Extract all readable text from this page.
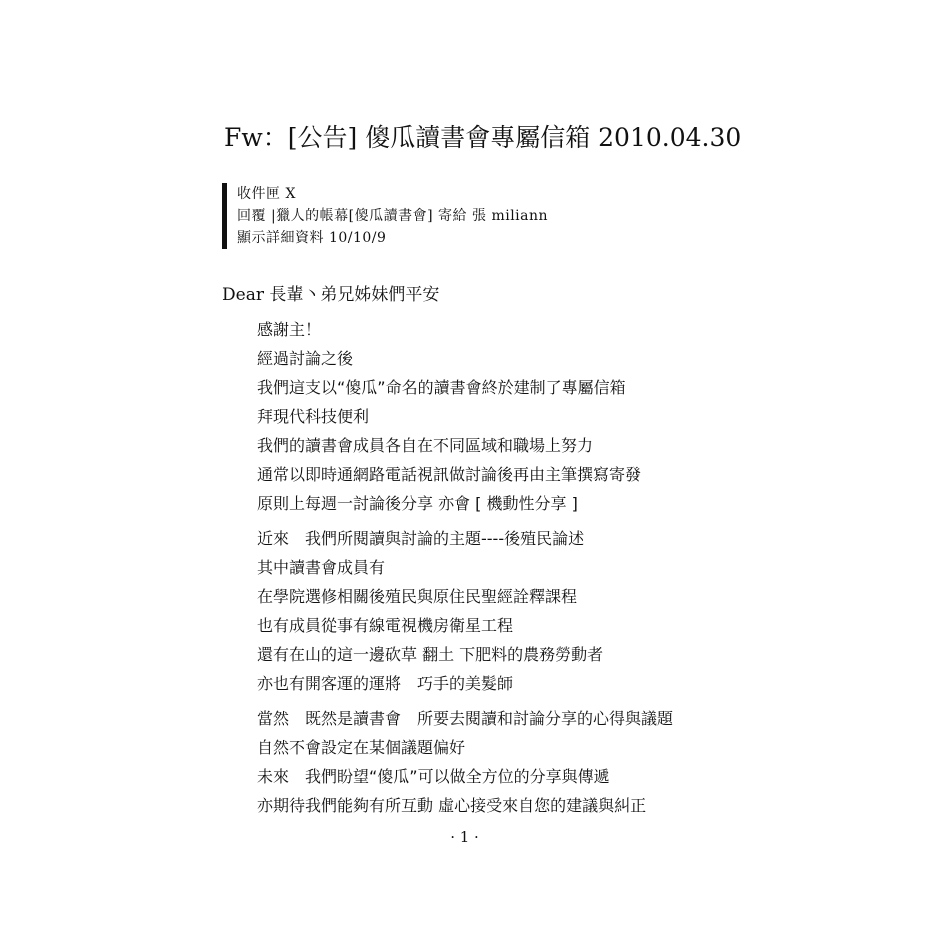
Fw：[公告] 傻瓜讀書會專屬信箱 2010.04.30
收件匣 X
回覆 |獵人的帳幕[傻瓜讀書會] 寄給 張 miliann
顯示詳細資料 10/10/9
Dear 長輩丶弟兄姊妹們平安
感謝主！
經過討論之後
我們這支以“傻瓜”命名的讀書會終於建制了專屬信箱
拜現代科技便利
我們的讀書會成員各自在不同區域和職場上努力
通常以即時通網路電話視訊做討論後再由主筆撰寫寄發
原則上每週一討論後分享 亦會 [ 機動性分享 ]
近來　我們所閱讀與討論的主題----後殖民論述
其中讀書會成員有
在學院選修相關後殖民與原住民聖經詮釋課程
也有成員從事有線電視機房衛星工程
還有在山的這一邊砍草 翻土 下肥料的農務勞動者
亦也有開客運的運將　巧手的美髮師
當然　既然是讀書會　所要去閱讀和討論分享的心得與議題
自然不會設定在某個議題偏好
未來　我們盼望“傻瓜”可以做全方位的分享與傳遞
亦期待我們能夠有所互動 虛心接受來自您的建議與糾正
· 1 ·
